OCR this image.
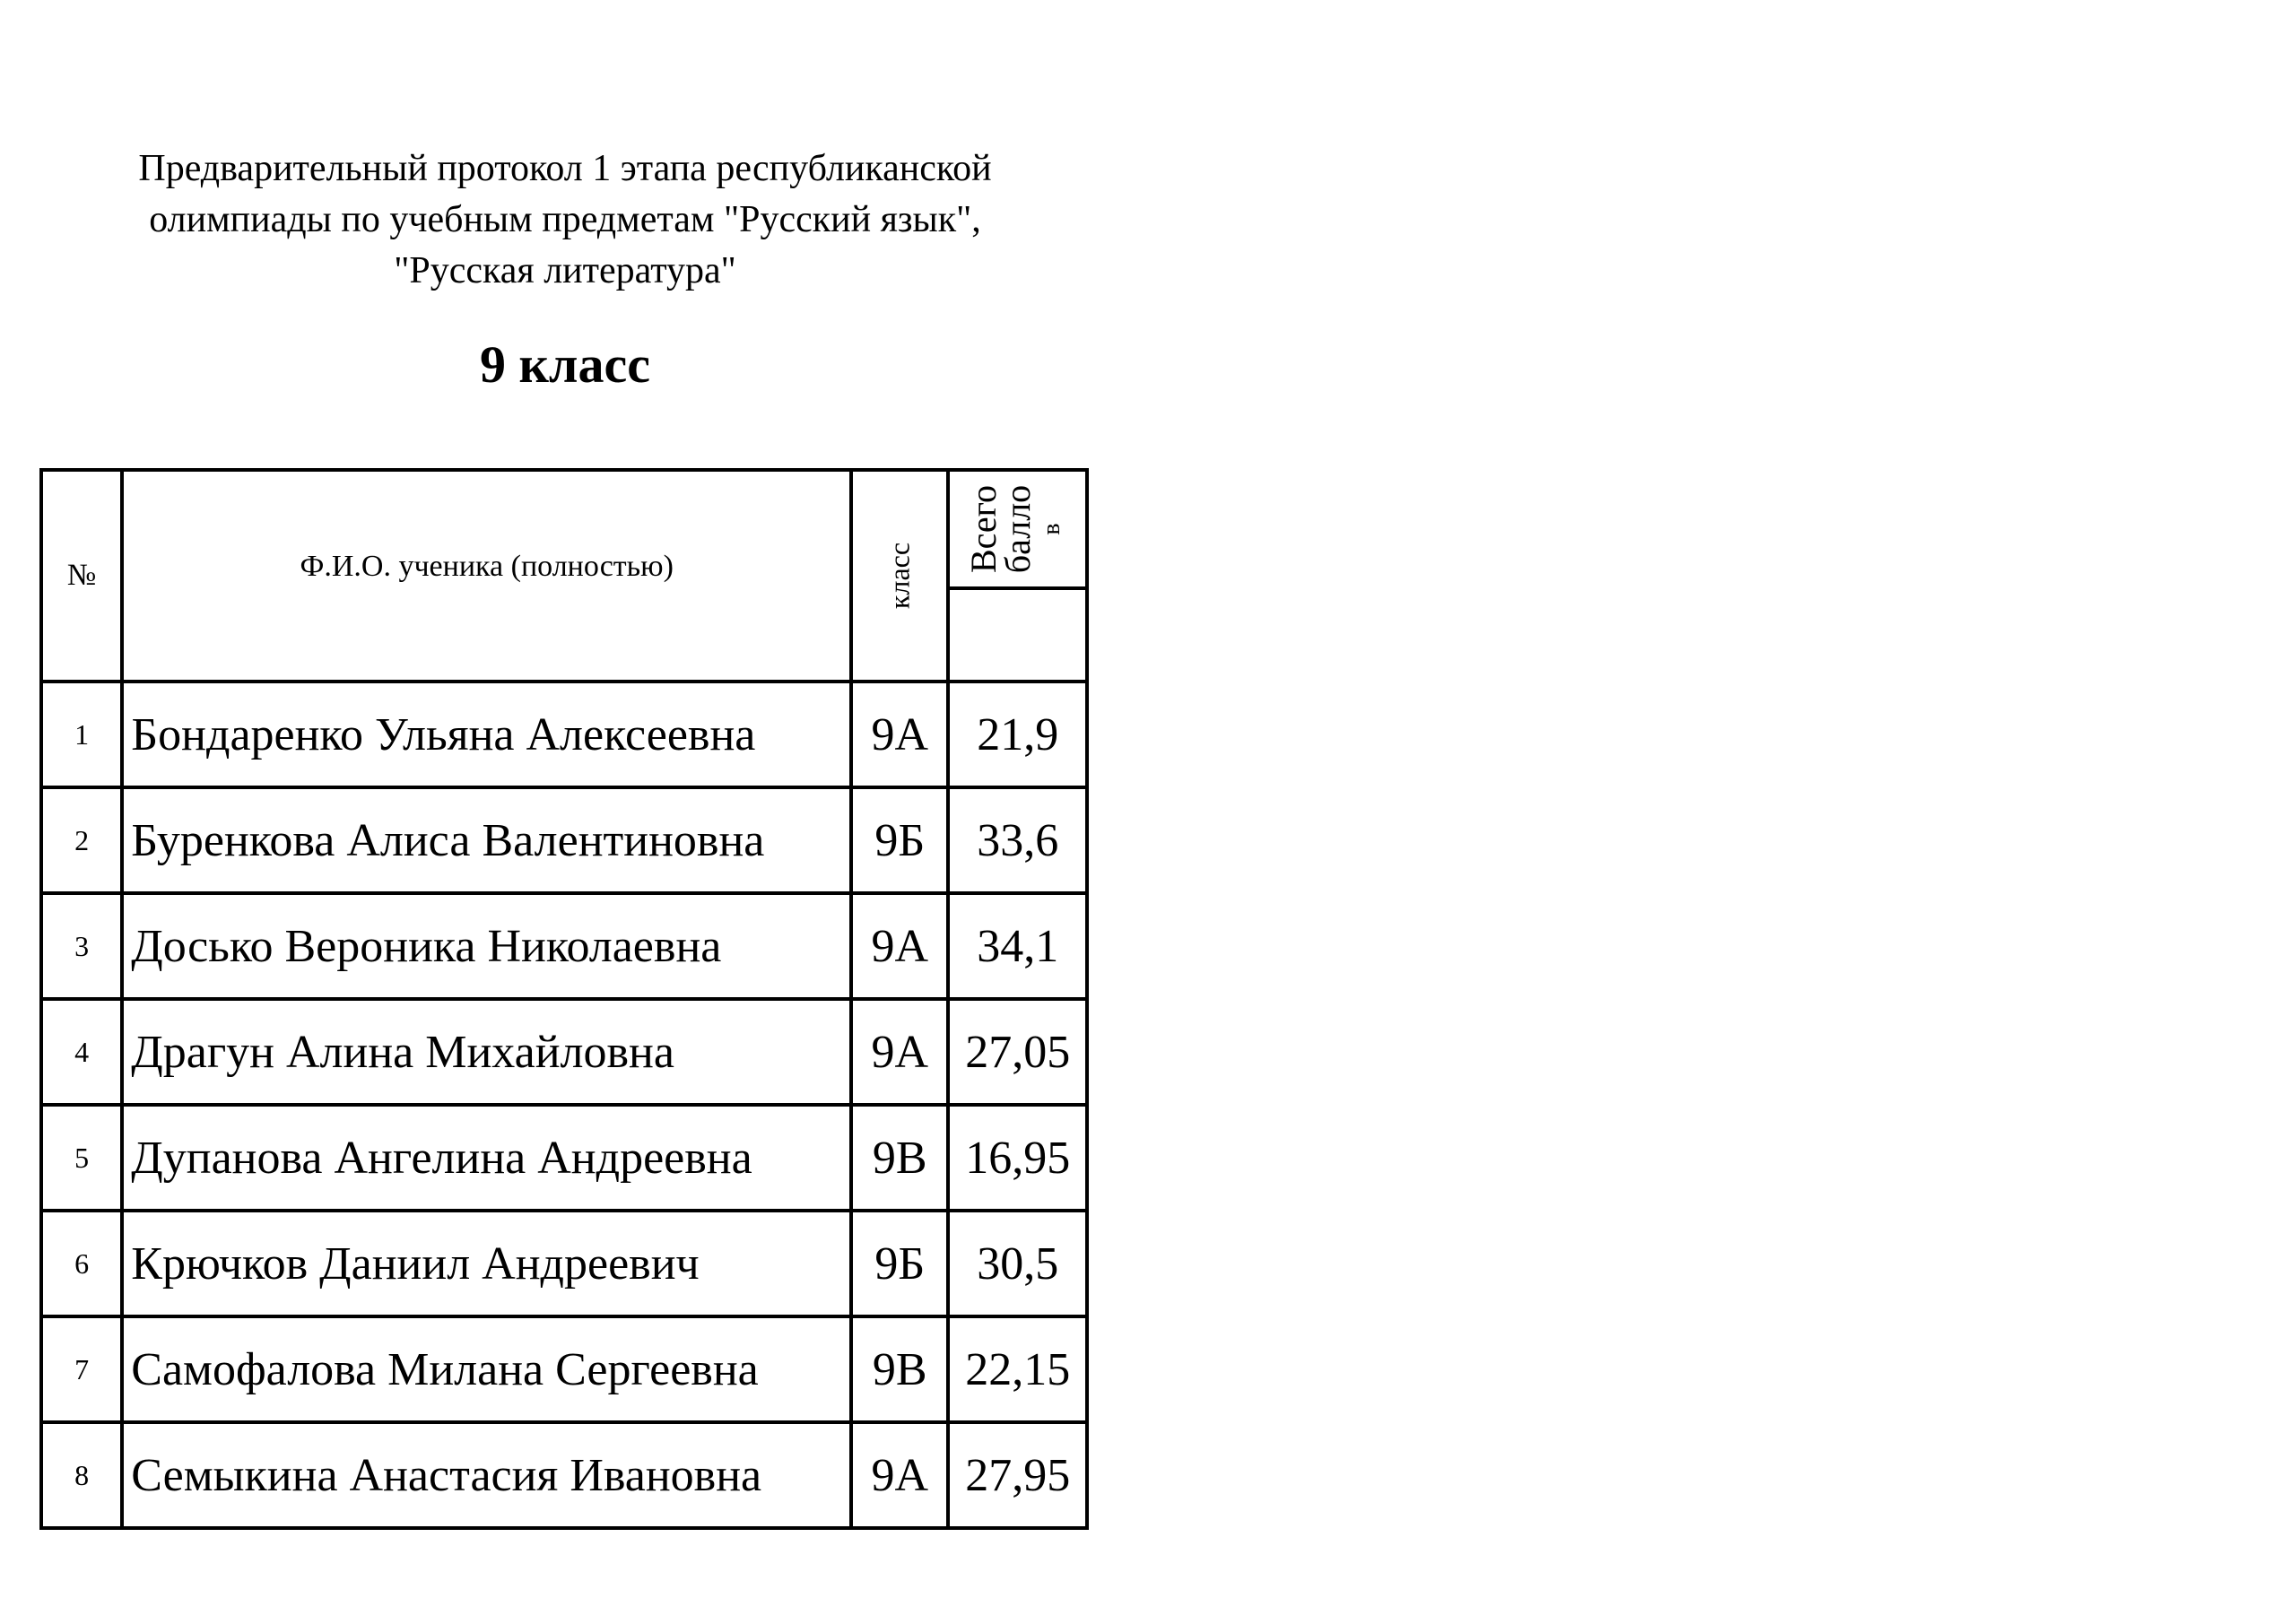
Предварительный протокол 1 этапа республиканской
олимпиады по учебным предметам "Русский язык",
"Русская литература"
9 класс
№	Ф.И.О. ученика (полностью)	класс	Всего
балло в

1	Бондаренко Ульяна Алексеевна	9А	21,9
2	Буренкова Алиса Валентиновна	9Б	33,6
3	Досько Вероника Николаевна	9А	34,1
4	Драгун Алина Михайловна	9А	27,05
5	Дупанова Ангелина Андреевна	9В	16,95
6	Крючков Даниил Андреевич	9Б	30,5
7	Самофалова Милана Сергеевна	9В	22,15
8	Семыкина Анастасия Ивановна	9А	27,95
